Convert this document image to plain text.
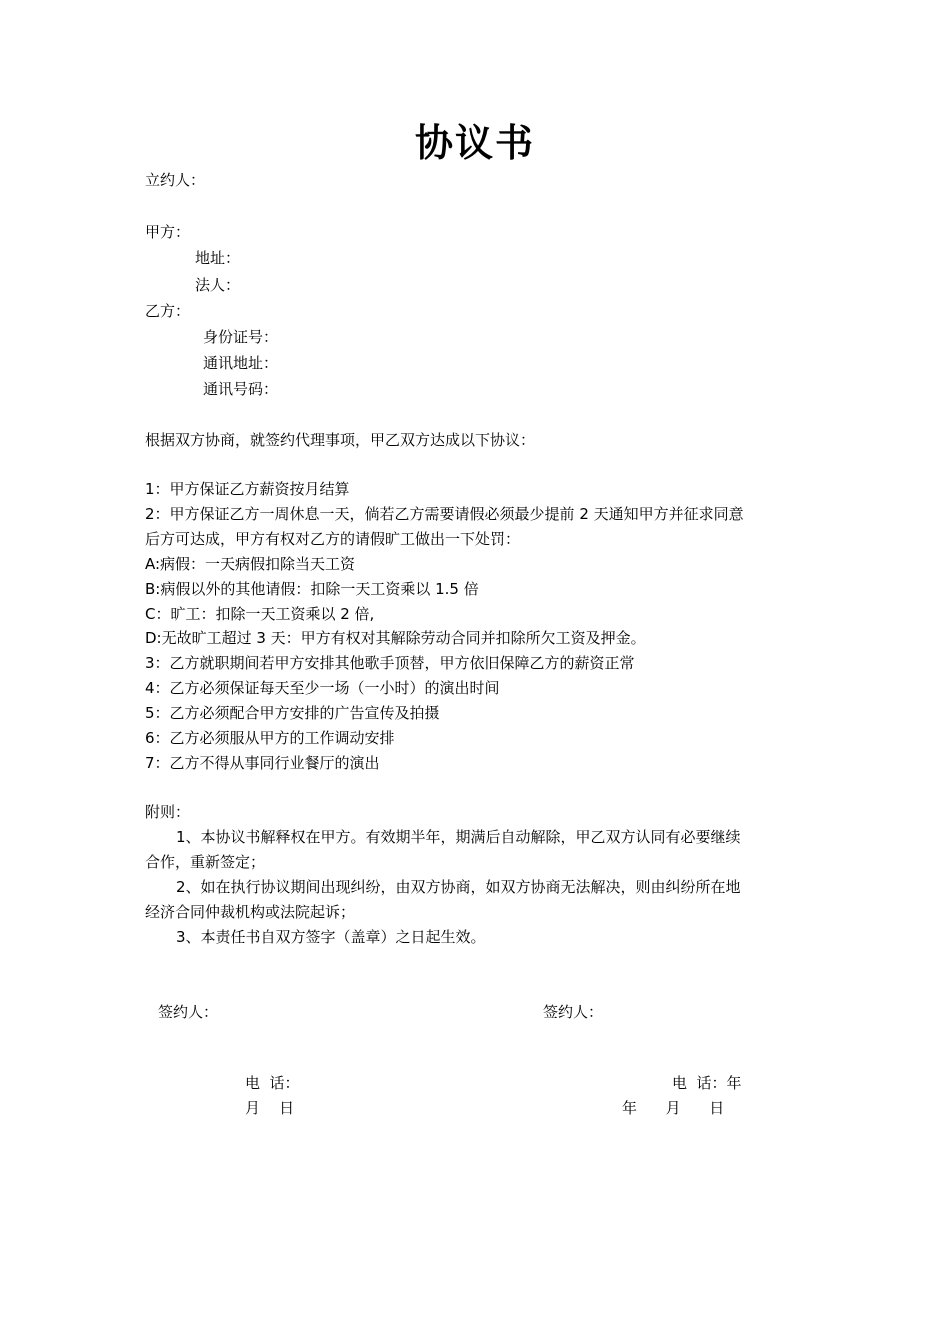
协议书
立约人：
甲方：
地址：
法人：
乙方：
身份证号：
通讯地址：
通讯号码：
根据双方协商，就签约代理事项，甲乙双方达成以下协议：
1：甲方保证乙方薪资按月结算
2：甲方保证乙方一周休息一天，倘若乙方需要请假必须最少提前 2 天通知甲方并征求同意
后方可达成，甲方有权对乙方的请假旷工做出一下处罚：
A:病假：一天病假扣除当天工资
B:病假以外的其他请假：扣除一天工资乘以 1.5 倍
C：旷工：扣除一天工资乘以 2 倍,
D:无故旷工超过 3 天：甲方有权对其解除劳动合同并扣除所欠工资及押金。
3：乙方就职期间若甲方安排其他歌手顶替，甲方依旧保障乙方的薪资正常
4：乙方必须保证每天至少一场（一小时）的演出时间
5：乙方必须配合甲方安排的广告宣传及拍摄
6：乙方必须服从甲方的工作调动安排
7：乙方不得从事同行业餐厅的演出
附则：
1、本协议书解释权在甲方。有效期半年，期满后自动解除，甲乙双方认同有必要继续
合作，重新签定；
2、如在执行协议期间出现纠纷，由双方协商，如双方协商无法解决，则由纠纷所在地
经济合同仲裁机构或法院起诉；
3、本责任书自双方签字（盖章）之日起生效。
签约人：	签约人：
电  话：	电  话：年
月    日	年      月      日
